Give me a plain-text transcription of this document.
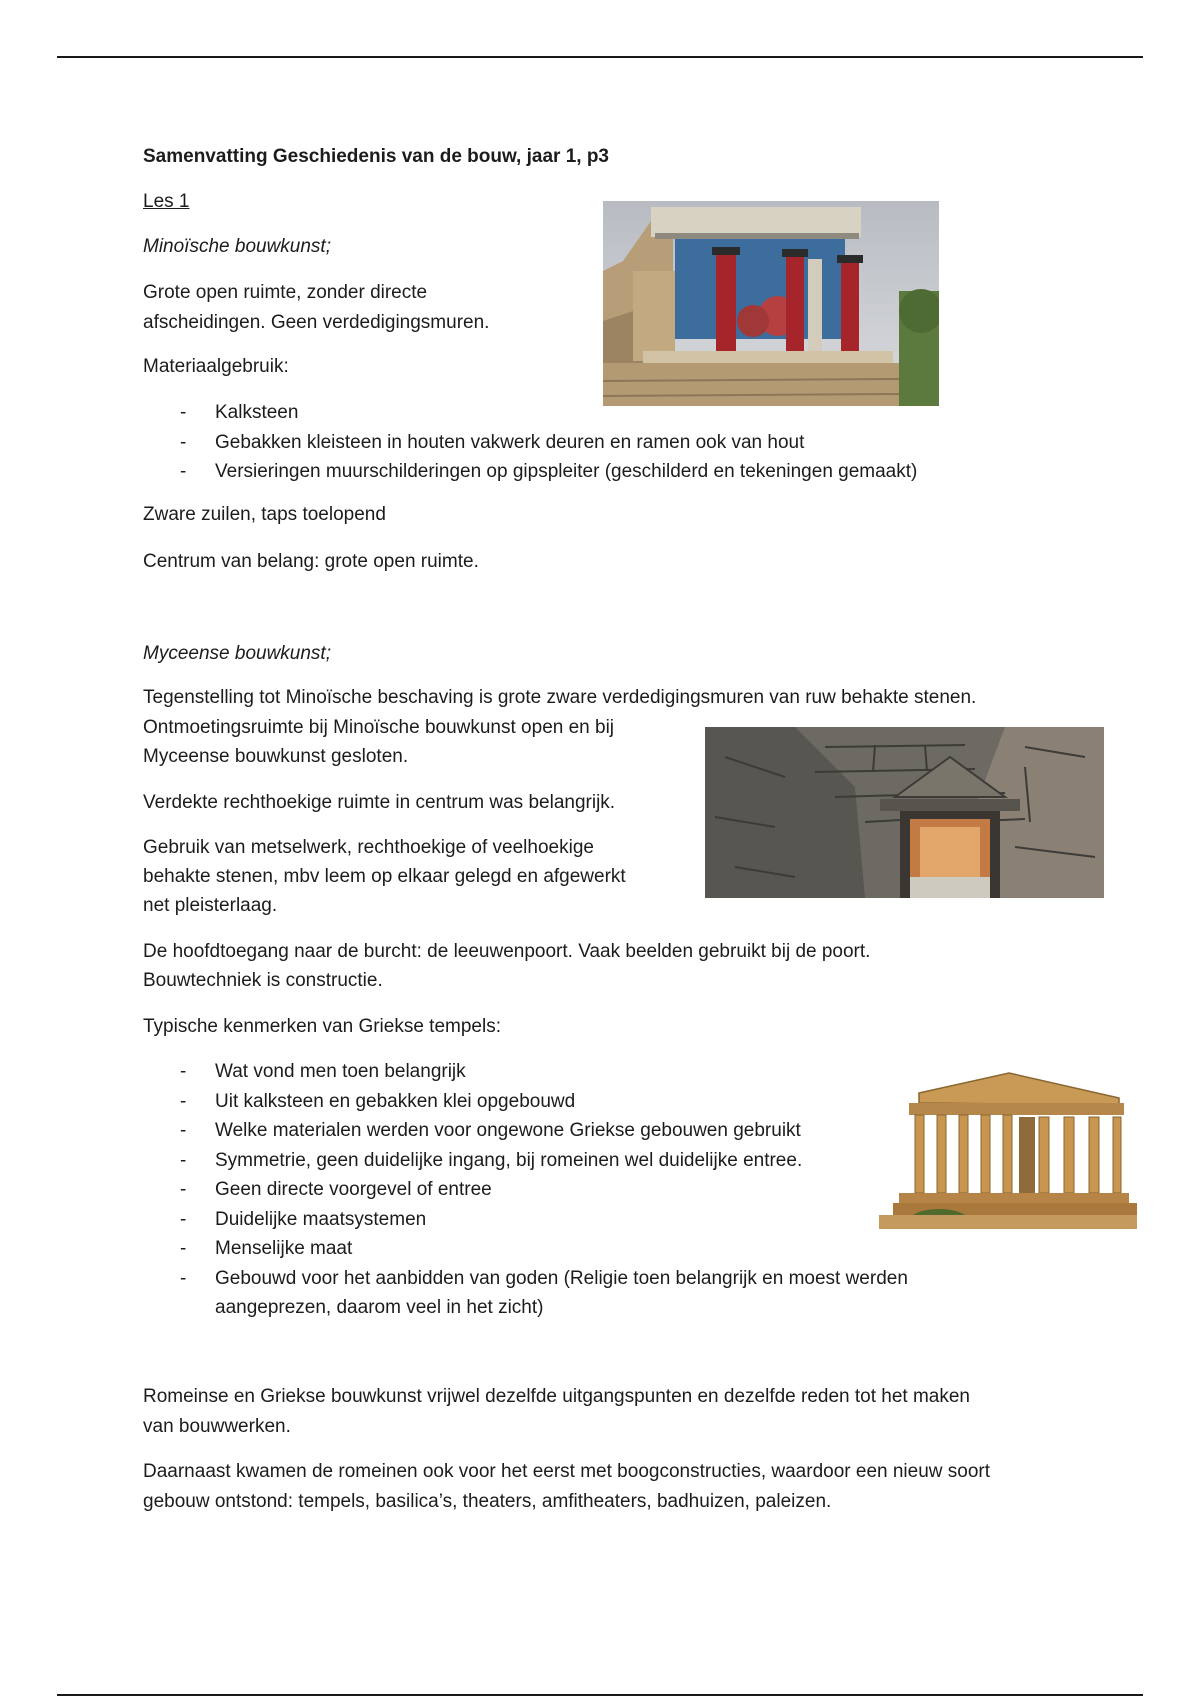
Samenvatting Geschiedenis van de bouw, jaar 1, p3

Les 1

Minoïsche bouwkunst;

Grote open ruimte, zonder directe

afscheidingen. Geen verdedigingsmuren.

Materiaalgebruik:

- Kalksteen
- Gebakken kleisteen in houten vakwerk deuren en ramen ook van hout
- Versieringen muurschilderingen op gipspleiter (geschilderd en tekeningen gemaakt)

Zware zuilen, taps toelopend

Centrum van belang: grote open ruimte.

Myceense bouwkunst;

Tegenstelling tot Minoïsche beschaving is grote zware verdedigingsmuren van ruw behakte stenen.

Ontmoetingsruimte bij Minoïsche bouwkunst open en bij

Myceense bouwkunst gesloten.

Verdekte rechthoekige ruimte in centrum was belangrijk.

Gebruik van metselwerk, rechthoekige of veelhoekige

behakte stenen, mbv leem op elkaar gelegd en afgewerkt

net pleisterlaag.

De hoofdtoegang naar de burcht: de leeuwenpoort. Vaak beelden gebruikt bij de poort.

Bouwtechniek is constructie.

Typische kenmerken van Griekse tempels:

- Wat vond men toen belangrijk
- Uit kalksteen en gebakken klei opgebouwd
- Welke materialen werden voor ongewone Griekse gebouwen gebruikt
- Symmetrie, geen duidelijke ingang, bij romeinen wel duidelijke entree.
- Geen directe voorgevel of entree
- Duidelijke maatsystemen
- Menselijke maat
- Gebouwd voor het aanbidden van goden (Religie toen belangrijk en moest werden

aangeprezen, daarom veel in het zicht)

Romeinse en Griekse bouwkunst vrijwel dezelfde uitgangspunten en dezelfde reden tot het maken

van bouwwerken.

Daarnaast kwamen de romeinen ook voor het eerst met boogconstructies, waardoor een nieuw soort

gebouw ontstond: tempels, basilica’s, theaters, amfitheaters, badhuizen, paleizen.
